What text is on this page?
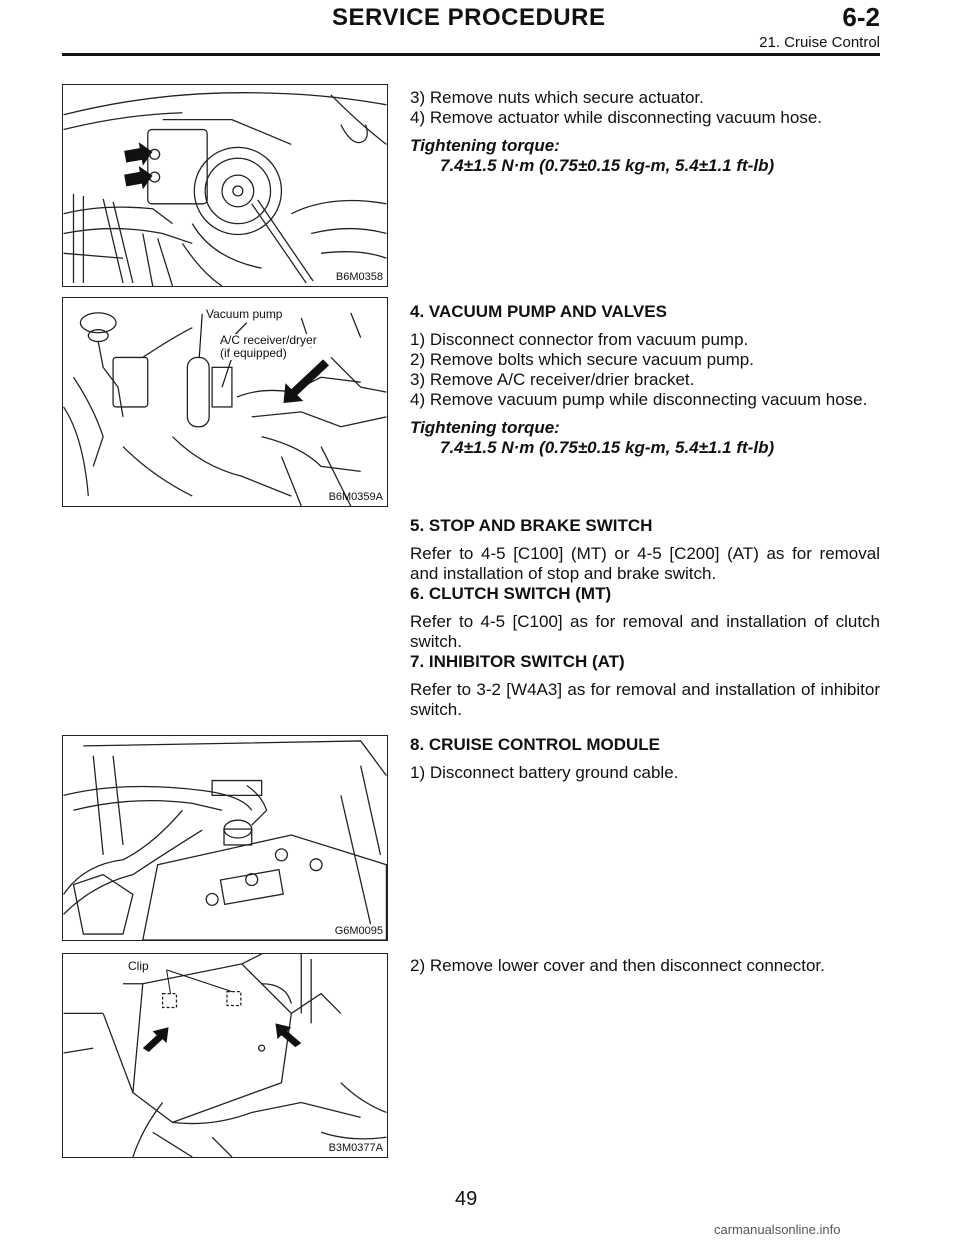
SERVICE PROCEDURE	6-2
21. Cruise Control
B6M0358

3) Remove nuts which secure actuator.

4) Remove actuator while disconnecting vacuum hose.

Tightening torque:

7.4±1.5 N·m (0.75±0.15 kg-m, 5.4±1.1 ft-lb)

Vacuum pump
A/C receiver/dryer
(if equipped)
B6M0359A

4. VACUUM PUMP AND VALVES

1) Disconnect connector from vacuum pump.

2) Remove bolts which secure vacuum pump.

3) Remove A/C receiver/drier bracket.

4) Remove vacuum pump while disconnecting vacuum hose.

Tightening torque:

7.4±1.5 N·m (0.75±0.15 kg-m, 5.4±1.1 ft-lb)

5. STOP AND BRAKE SWITCH

Refer to 4-5 [C100] (MT) or 4-5 [C200] (AT) as for removal and installation of stop and brake switch.

6. CLUTCH SWITCH (MT)

Refer to 4-5 [C100] as for removal and installation of clutch switch.

7. INHIBITOR SWITCH (AT)

Refer to 3-2 [W4A3] as for removal and installation of inhibitor switch.

G6M0095

8. CRUISE CONTROL MODULE

1) Disconnect battery ground cable.

Clip
B3M0377A

2) Remove lower cover and then disconnect connector.

49
carmanualsonline.info
